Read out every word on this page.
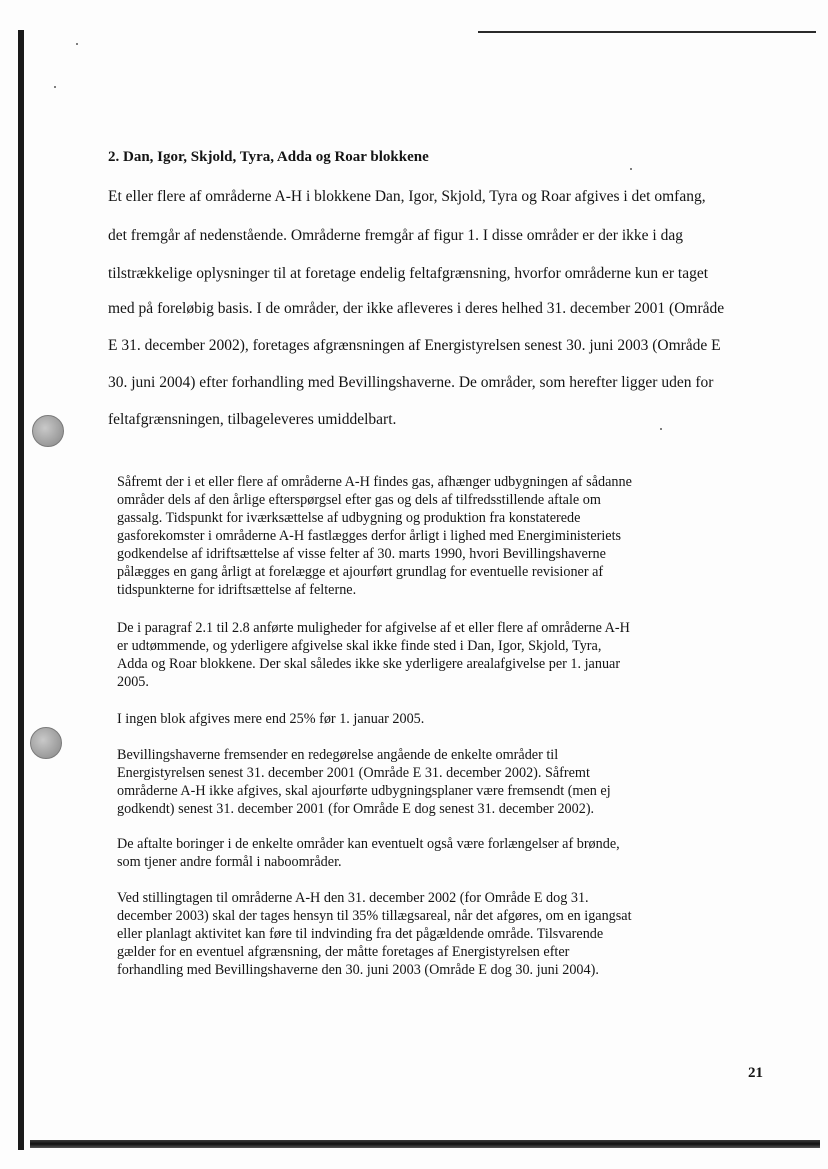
2. Dan, Igor, Skjold, Tyra, Adda og Roar blokkene

Et eller flere af områderne A-H i blokkene Dan, Igor, Skjold, Tyra og Roar afgives i det omfang,

det fremgår af nedenstående. Områderne fremgår af figur 1. I disse områder er der ikke i dag

tilstrækkelige oplysninger til at foretage endelig feltafgrænsning, hvorfor områderne kun er taget

med på foreløbig basis. I de områder, der ikke afleveres i deres helhed 31. december 2001 (Område

E 31. december 2002), foretages afgrænsningen af Energistyrelsen senest 30. juni 2003 (Område E

30. juni 2004) efter forhandling med Bevillingshaverne. De områder, som herefter ligger uden for

feltafgrænsningen, tilbageleveres umiddelbart.

Såfremt der i et eller flere af områderne A-H findes gas, afhænger udbygningen af sådanne
områder dels af den årlige efterspørgsel efter gas og dels af tilfredsstillende aftale om
gassalg. Tidspunkt for iværksættelse af udbygning og produktion fra konstaterede
gasforekomster i områderne A-H fastlægges derfor årligt i lighed med Energiministeriets
godkendelse af idriftsættelse af visse felter af 30. marts 1990, hvori Bevillingshaverne
pålægges en gang årligt at forelægge et ajourført grundlag for eventuelle revisioner af
tidspunkterne for idriftsættelse af felterne.
De i paragraf 2.1 til 2.8 anførte muligheder for afgivelse af et eller flere af områderne A-H
er udtømmende, og yderligere afgivelse skal ikke finde sted i Dan, Igor, Skjold, Tyra,
Adda og Roar blokkene. Der skal således ikke ske yderligere arealafgivelse per 1. januar
2005.
I ingen blok afgives mere end 25% før 1. januar 2005.
Bevillingshaverne fremsender en redegørelse angående de enkelte områder til
Energistyrelsen senest 31. december 2001 (Område E 31. december 2002). Såfremt
områderne A-H ikke afgives, skal ajourførte udbygningsplaner være fremsendt (men ej
godkendt) senest 31. december 2001 (for Område E dog senest 31. december 2002).
De aftalte boringer i de enkelte områder kan eventuelt også være forlængelser af brønde,
som tjener andre formål i naboområder.
Ved stillingtagen til områderne A-H den 31. december 2002 (for Område E dog 31.
december 2003) skal der tages hensyn til 35% tillægsareal, når det afgøres, om en igangsat
eller planlagt aktivitet kan føre til indvinding fra det pågældende område. Tilsvarende
gælder for en eventuel afgrænsning, der måtte foretages af Energistyrelsen efter
forhandling med Bevillingshaverne den 30. juni 2003 (Område E dog 30. juni 2004).

21
